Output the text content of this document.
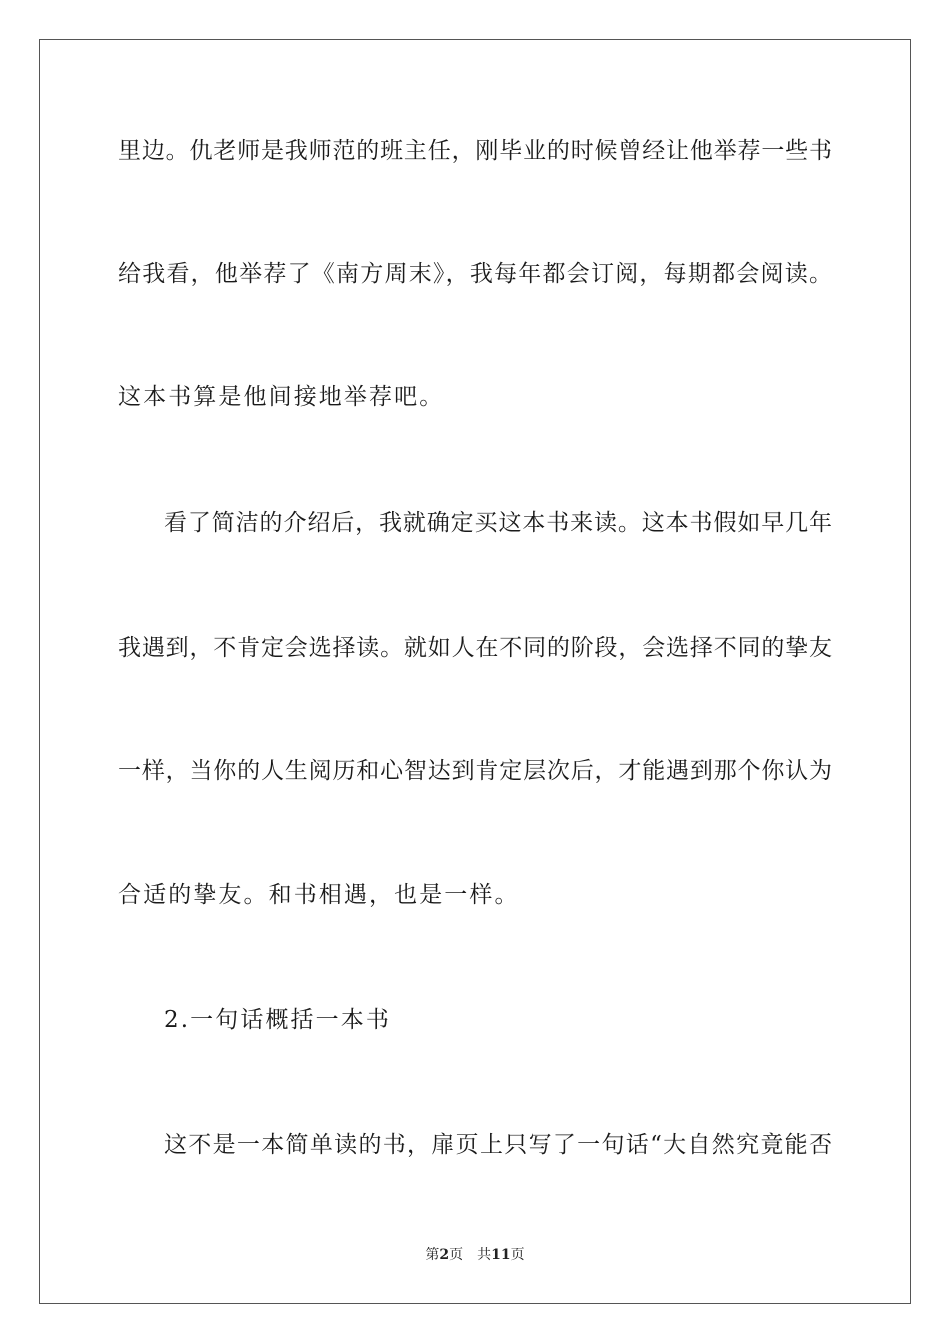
里边。仇老师是我师范的班主任，刚毕业的时候曾经让他举荐一些书
给我看，他举荐了《南方周末》，我每年都会订阅，每期都会阅读。
这本书算是他间接地举荐吧。
看了简洁的介绍后，我就确定买这本书来读。这本书假如早几年
我遇到，不肯定会选择读。就如人在不同的阶段，会选择不同的挚友
一样，当你的人生阅历和心智达到肯定层次后，才能遇到那个你认为
合适的挚友。和书相遇，也是一样。
2.一句话概括一本书
这不是一本简单读的书，扉页上只写了一句话“大自然究竟能否
第2页 共11页
